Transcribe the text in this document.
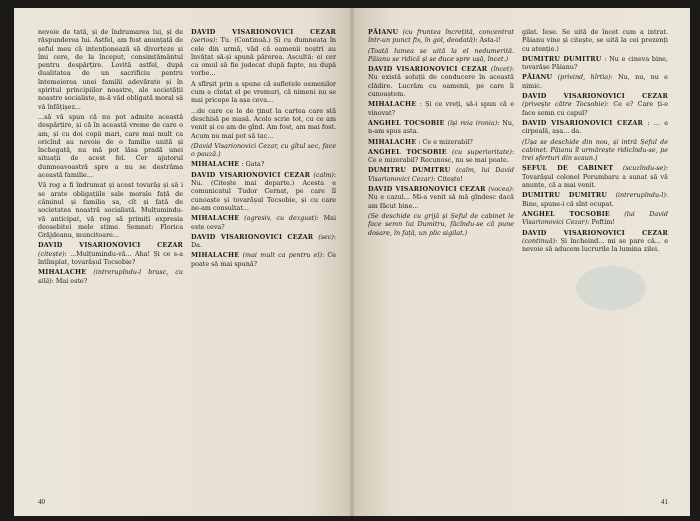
nevoie de tată, și de îndrumarea lui, și de răspunderea lui. Astfel, am fost anunțată de șeful meu că intenționează să divorțeze și îmi cere, de la început, consimțământul pentru despărțire. Lovită astfel, după dualitatea de un sacrificiu pentru întemeierea unei familii adevărate și în spiritul principiilor noastre, ale societății noastre socialiste, m-ă văd obligată moral să vă înfățișez...

...să vă spun că nu pot admite această despărțire, și că în această vreme de care o am, și cu doi copii mari, care mai mult ca oricînd au nevoie de o familie unită și închegată, nu mă pot lăsa pradă unei situații de acest fel. Cer ajutorul dumneavoastră spre a nu se destrăma această familie...

Vă rog a fi îndrumat și acest tovarăș și să i se arate obligațiile sale morale față de căminul și familia sa, cît și față de societatea noastră socialistă. Mulțumindu-vă anticipat, vă rog să primiți expresia deosebitei mele stime. Semnat: Florica Grăjdeanu, muncitoare...

DAVID VISARIONOVICI CEZAR (citește): ...Mulțumindu-vă... Aha! Și ce s-a întîmplat, tovarășul Tocsobie?

MIHALACHE (intrerupîndu-l brusc, cu silă): Mai este?

DAVID VISARIONOVICI CEZAR (serios): Tu. (Continuă.) Și cu dumneata în cele din urmă, văd că oamenii noștri au învățat să-și spună părerea. Ascultă: ei cer ca omul să fie judecat după fapte, nu după vorbe...

A sfîrșit prin a spune că sufletele oamenilor cum a cîntat el pe vremuri, că nimeni nu se mai pricepe la așa ceva...

...de care ce le de ţinut la cartea care stă deschisă pe masă. Acolo scrie tot, cu ce am venit și ce am de gînd. Am fost, am mai fost. Acum nu mai pot să tac...

(David Visarionovici Cezar, cu gîtul sec, face o pauză.)

MIHALACHE : Gata?

DAVID VISARIONOVICI CEZAR (calm): Nu. (Citește mai departe.) Acesta e comunicatul Tudor Cernat, pe care îl cunoaște și tovarășul Tocsobie, și cu care ne-am consultat...

MIHALACHE (agresiv, cu dezgust): Mai este ceva?

DAVID VISARIONOVICI CEZAR (sec): Da.

MIHALACHE (mai mult ca pentru el): Ce poate să mai spună?

40

PĂIANU (cu fruntea încrețită, concentrat într-un punct fix, în gol, deodată): Asta-i!

(Toată lumea se uită la el nedumerită. Păianu se ridică și se duce spre ușă, încet.)

DAVID VISARIONOVICI CEZAR (încet): Nu există soluții de conducere în această clădire. Lucrăm cu oamenii, pe care îi cunoaștem.

MIHALACHE : Și ce vreți, să-i spun că e vinovat?

ANGHEL TOCSOBIE (își reia ironia): Nu, n-am spus asta.

MIHALACHE : Ce e mizerabil?

ANGHEL TOCSOBIE (cu superioritate): Ce e mizerabil? Recunosc, nu se mai poate.

DUMITRU DUMITRU (calm, lui David Visarionovici Cezar): Citește!

DAVID VISARIONOVICI CEZAR (vocea): Nu e cazul... Mi-a venit să mă gîndesc dacă am făcut bine...

(Se deschide cu grijă și Șeful de cabinet le face semn lui Dumitru, făcîndu-se că pune dosare, în față, un plic sigilat.)

gilat. Iese. Se uită de încet cum a intrat. Păianu vine și citește, se uită la cei prezenți cu atenție.)

DUMITRU DUMITRU : Nu e cineva bine, tovarășe Păianu?

PĂIANU (privind, hîrtia): Nu, nu, nu e nimic.

DAVID VISARIONOVICI CEZAR (privește către Tocsobie): Ce e? Care ți-e face semn cu capul?

DAVID VISARIONOVICI CEZAR : ... e cirpeală, așa... da.

(Ușa se deschide din nou, și intră Șeful de cabinet. Păianu îl urmărește ridicîndu-se, pe trei sferturi din scaun.)

ȘEFUL DE CABINET (scuzîndu-se): Tovarășul colonel Porumbaru a sunat să vă anunțe, că a mai venit.

DUMITRU DUMITRU (intrerupîndu-l): Bine, spune-i că sînt ocupat.

ANGHEL TOCSOBIE (lui David Visarionovici Cezar): Poftim!

DAVID VISARIONOVICI CEZAR (continuă): Și încheind... mi se pare că... e nevoie să aducem lucrurile la lumina zilei.

41
